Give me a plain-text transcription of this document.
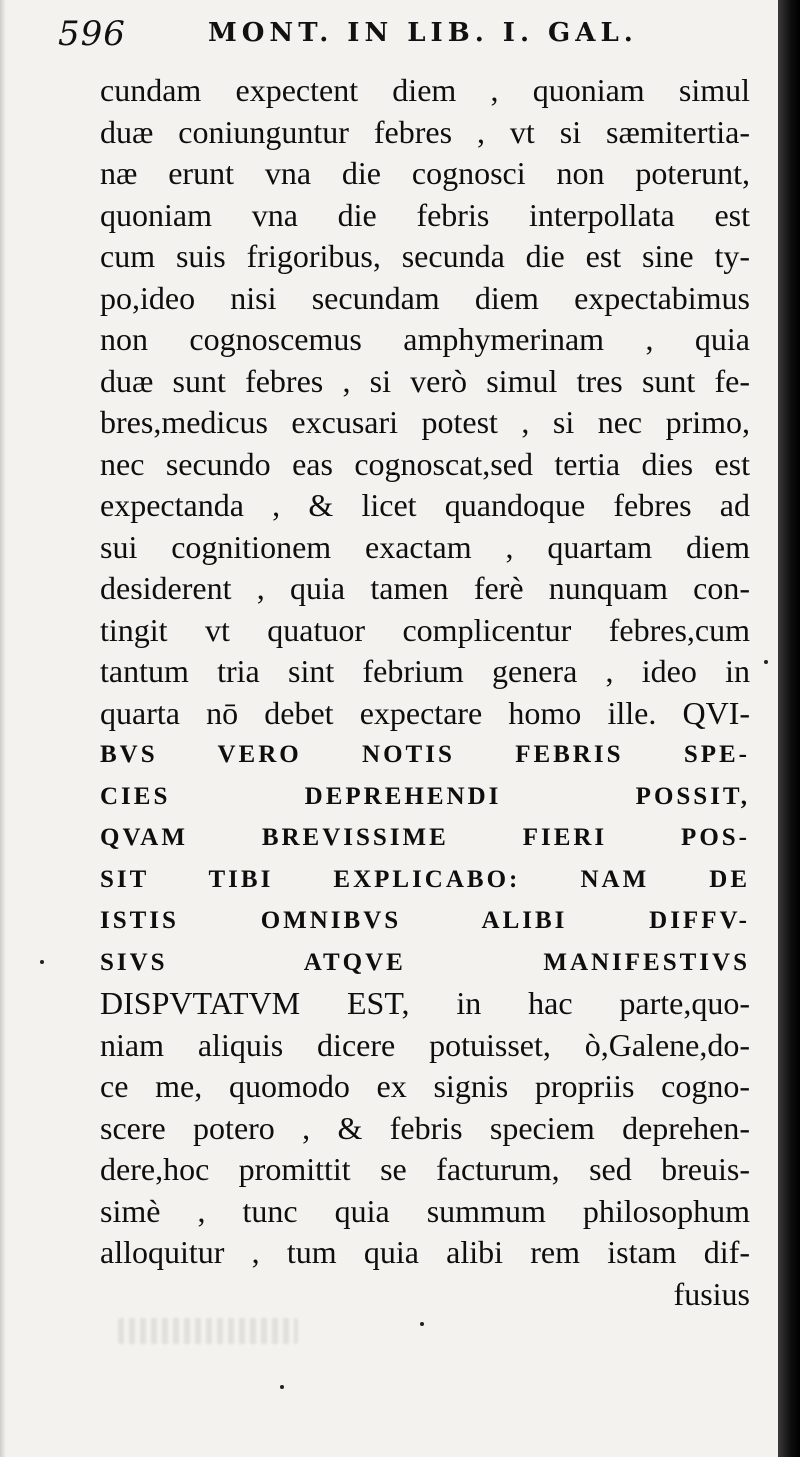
596	MONT. IN LIB. I. GAL.
cundam expectent diem , quoniam simul
duæ coniunguntur febres , vt si sæmitertia-
næ erunt vna die cognosci non poterunt,
quoniam vna die febris interpollata est
cum suis frigoribus, secunda die est sine ty-
po,ideo nisi secundam diem expectabimus
non cognoscemus amphymerinam , quia
duæ sunt febres , si verò simul tres sunt fe-
bres,medicus excusari potest , si nec primo,
nec secundo eas cognoscat,sed tertia dies est
expectanda , & licet quandoque febres ad
sui cognitionem exactam , quartam diem
desiderent , quia tamen ferè nunquam con-
tingit vt quatuor complicentur febres,cum
tantum tria sint febrium genera , ideo in
quarta nō debet expectare homo ille. QVI-
BVS VERO NOTIS FEBRIS SPE-
CIES DEPREHENDI POSSIT,
QVAM BREVISSIME FIERI POS-
SIT TIBI EXPLICABO: NAM DE
ISTIS OMNIBVS ALIBI DIFFV-
SIVS ATQVE MANIFESTIVS
DISPVTATVM EST, in hac parte,quo-
niam aliquis dicere potuisset, ò,Galene,do-
ce me, quomodo ex signis propriis cogno-
scere potero , & febris speciem deprehen-
dere,hoc promittit se facturum, sed breuis-
simè , tunc quia summum philosophum
alloquitur , tum quia alibi rem istam dif-
fusius
